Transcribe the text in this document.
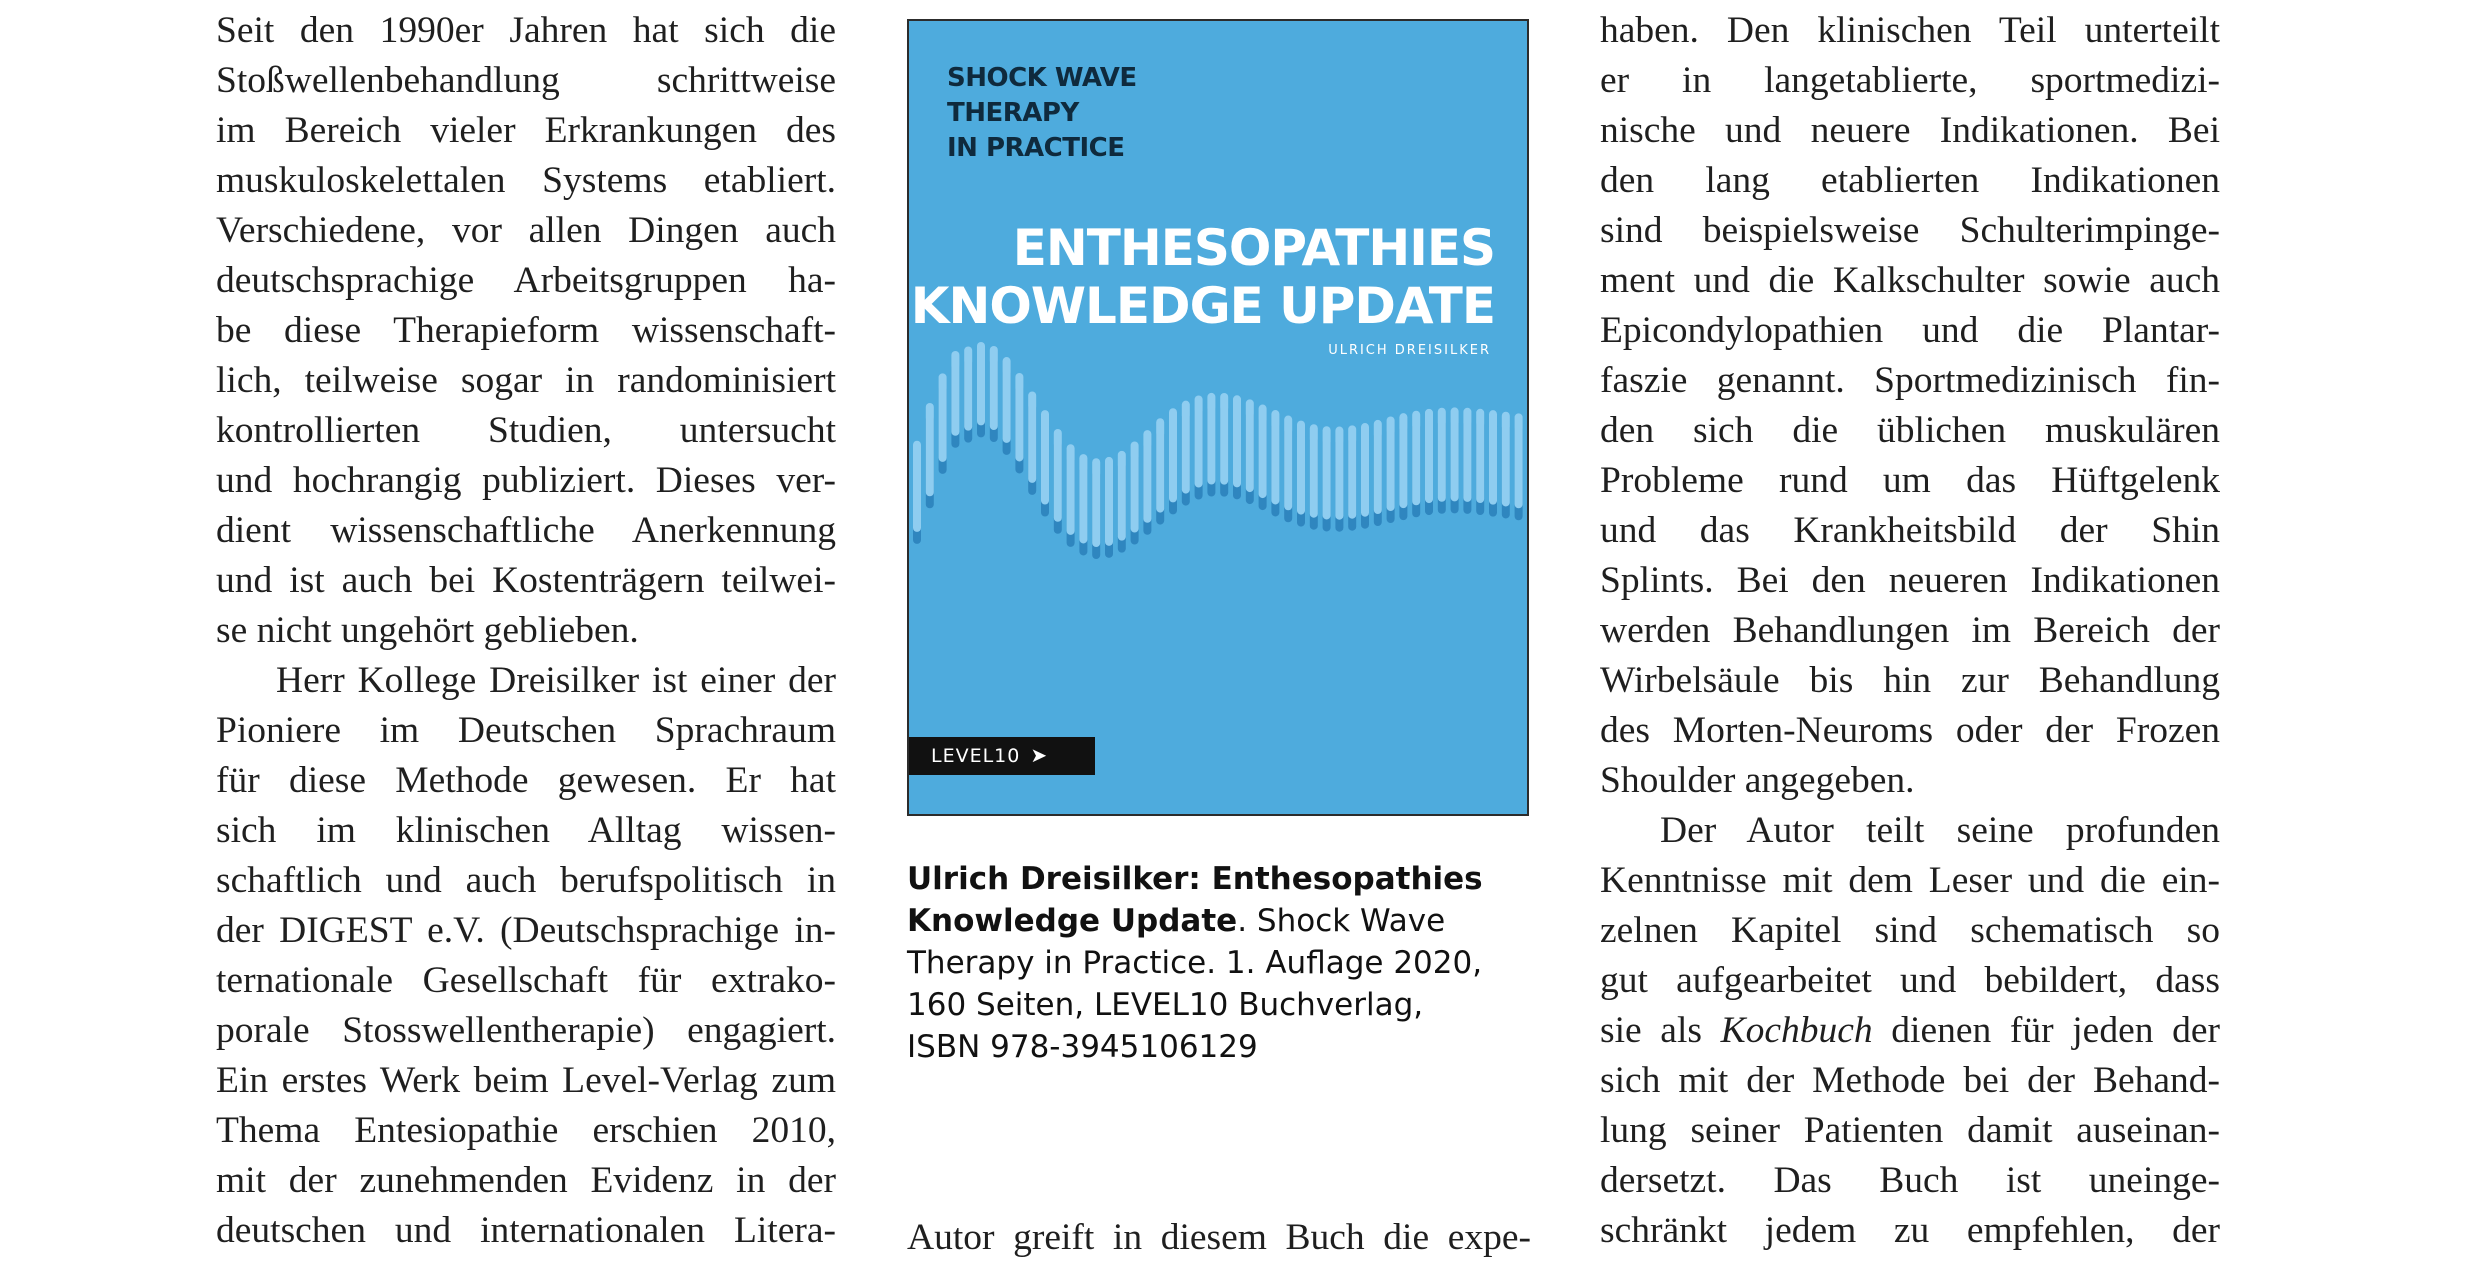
Seit den 1990er Jahren hat sich die
Stoßwellenbehandlung schrittweise
im Bereich vieler Erkrankungen des
muskuloskelettalen Systems etabliert.
Verschiedene, vor allen Dingen auch
deutschsprachige Arbeitsgruppen ha-
be diese Therapieform wissenschaft-
lich, teilweise sogar in randominisiert
kontrollierten Studien, untersucht
und hochrangig publiziert. Dieses ver-
dient wissenschaftliche Anerkennung
und ist auch bei Kostenträgern teilwei-
se nicht ungehört geblieben.

Herr Kollege Dreisilker ist einer der
Pioniere im Deutschen Sprachraum
für diese Methode gewesen. Er hat
sich im klinischen Alltag wissen-
schaftlich und auch berufspolitisch in
der DIGEST e.V. (Deutschsprachige in-
ternationale Gesellschaft für extrako-
porale Stosswellentherapie) engagiert.
Ein erstes Werk beim Level-Verlag zum
Thema Entesiopathie erschien 2010,
mit der zunehmenden Evidenz in der
deutschen und internationalen Litera-

SHOCK WAVE
THERAPY
IN PRACTICE
ENTHESOPATHIES
KNOWLEDGE UPDATE
ULRICH DREISILKER
LEVEL10 ➤
Ulrich Dreisilker: Enthesopathies
Knowledge Update. Shock Wave
Therapy in Practice. 1. Auflage 2020,
160 Seiten, LEVEL10 Buchverlag,
ISBN 978-3945106129
Autor greift in diesem Buch die expe-

haben. Den klinischen Teil unterteilt
er in langetablierte, sportmedizi-
nische und neuere Indikationen. Bei
den lang etablierten Indikationen
sind beispielsweise Schulterimpinge-
ment und die Kalkschulter sowie auch
Epicondylopathien und die Plantar-
faszie genannt. Sportmedizinisch fin-
den sich die üblichen muskulären
Probleme rund um das Hüftgelenk
und das Krankheitsbild der Shin
Splints. Bei den neueren Indikationen
werden Behandlungen im Bereich der
Wirbelsäule bis hin zur Behandlung
des Morten-Neuroms oder der Frozen
Shoulder angegeben.

Der Autor teilt seine profunden
Kenntnisse mit dem Leser und die ein-
zelnen Kapitel sind schematisch so
gut aufgearbeitet und bebildert, dass
sie als Kochbuch dienen für jeden der
sich mit der Methode bei der Behand-
lung seiner Patienten damit auseinan-
dersetzt. Das Buch ist uneinge-
schränkt jedem zu empfehlen, der
